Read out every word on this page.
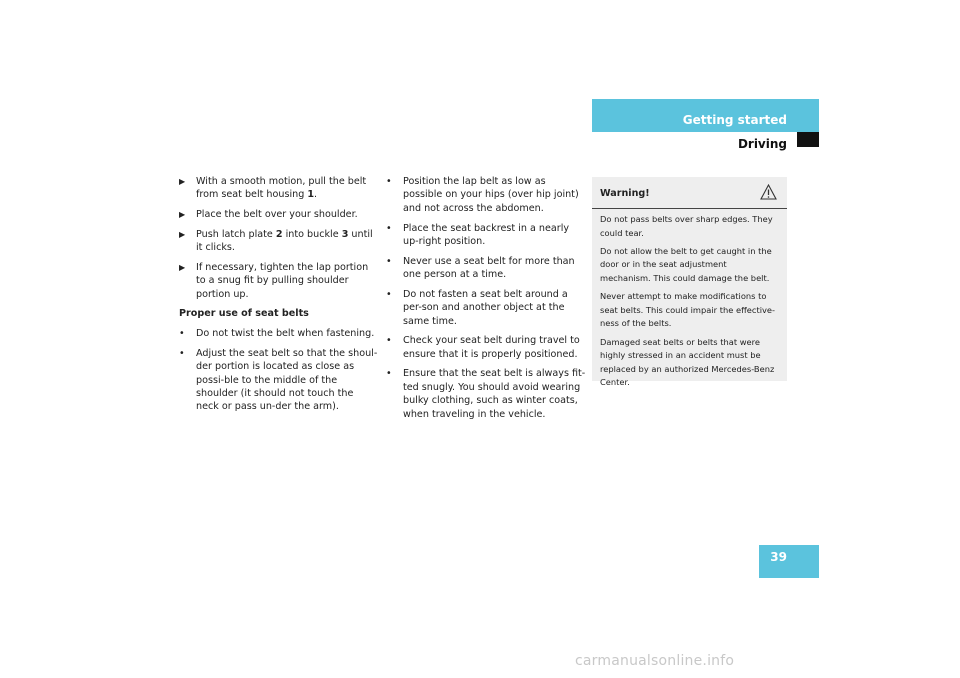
Getting started
Driving
▶ With a smooth motion, pull the belt from seat belt housing 1.
▶ Place the belt over your shoulder.
▶ Push latch plate 2 into buckle 3 until it clicks.
▶ If necessary, tighten the lap portion to a snug fit by pulling shoulder portion up.
Proper use of seat belts
• Do not twist the belt when fastening.
• Adjust the seat belt so that the shoul-der portion is located as close as possi-ble to the middle of the shoulder (it should not touch the neck or pass un-der the arm).
• Position the lap belt as low as possible on your hips (over hip joint) and not across the abdomen.
• Place the seat backrest in a nearly up-right position.
• Never use a seat belt for more than one person at a time.
• Do not fasten a seat belt around a per-son and another object at the same time.
• Check your seat belt during travel to ensure that it is properly positioned.
• Ensure that the seat belt is always fit-ted snugly. You should avoid wearing bulky clothing, such as winter coats, when traveling in the vehicle.
Warning!

Do not pass belts over sharp edges. They could tear.

Do not allow the belt to get caught in the door or in the seat adjustment mechanism. This could damage the belt.

Never attempt to make modifications to seat belts. This could impair the effective-ness of the belts.

Damaged seat belts or belts that were highly stressed in an accident must be replaced by an authorized Mercedes-Benz Center.

39
carmanualsonline.info
